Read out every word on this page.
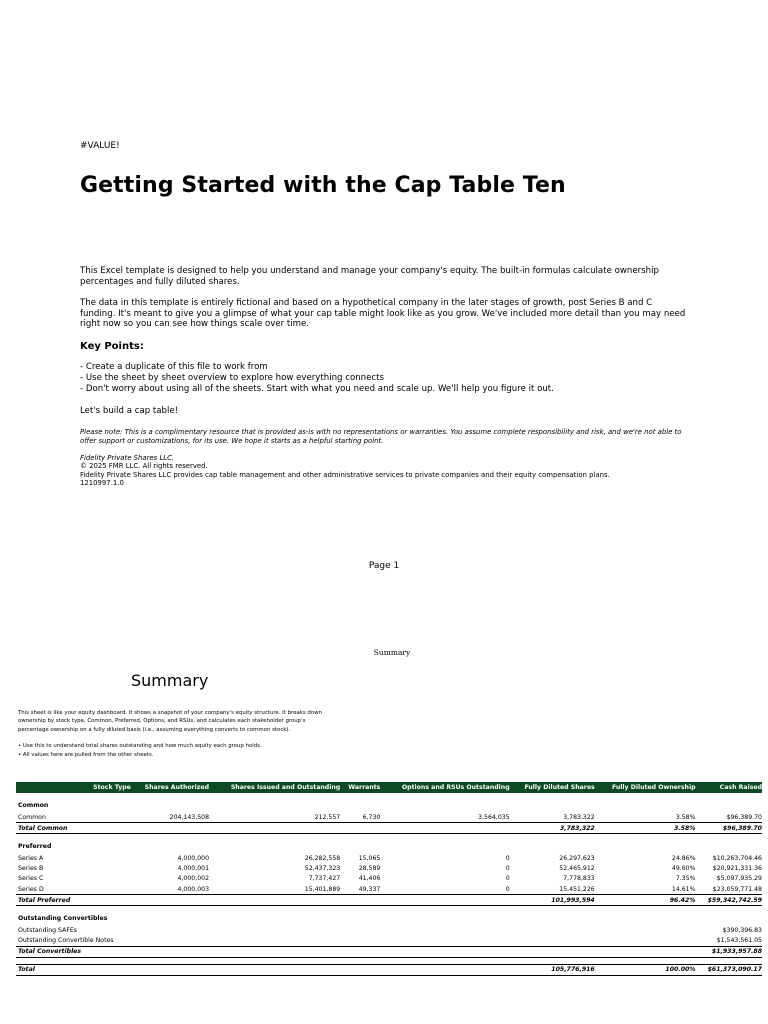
#VALUE!
Getting Started with the Cap Table Ten
This Excel template is designed to help you understand and manage your company's equity. The built-in formulas calculate ownership percentages and fully diluted shares.
The data in this template is entirely fictional and based on a hypothetical company in the later stages of growth, post Series B and C funding. It's meant to give you a glimpse of what your cap table might look like as you grow. We've included more detail than you may need right now so you can see how things scale over time.
Key Points:
- Create a duplicate of this file to work from
- Use the sheet by sheet overview to explore how everything connects
- Don't worry about using all of the sheets. Start with what you need and scale up. We'll help you figure it out.
Let's build a cap table!
Please note: This is a complimentary resource that is provided as-is with no representations or warranties. You assume complete responsibility and risk, and we're not able to offer support or customizations, for its use. We hope it starts as a helpful starting point.
Fidelity Private Shares LLC.
© 2025 FMR LLC. All rights reserved.
Fidelity Private Shares LLC provides cap table management and other administrative services to private companies and their equity compensation plans.
1210997.1.0
Page 1
Summary
Summary
This sheet is like your equity dashboard. It shows a snapshot of your company's equity structure. It breaks down ownership by stock type, Common, Preferred, Options, and RSUs, and calculates each stakeholder group's percentage ownership on a fully diluted basis (i.e., assuming everything converts to common stock).
• Use this to understand total shares outstanding and how much equity each group holds.
• All values here are pulled from the other sheets.
Stock Type	Shares Authorized	Shares Issued and Outstanding	Warrants	Options and RSUs Outstanding	Fully Diluted Shares	Fully Diluted Ownership	Cash Raised
Common							
Common	204,143,508	212,557	6,730	3,564,035	3,783,322	3.58%	$96,389.70
Total Common					3,783,322	3.58%	$96,389.70
Preferred							
Series A	4,000,000	26,282,558	15,065	0	26,297,623	24.86%	$10,263,704.46
Series B	4,000,001	52,437,323	28,589	0	52,465,912	49.60%	$20,921,331.36
Series C	4,000,002	7,737,427	41,406	0	7,778,833	7.35%	$5,097,935.29
Series D	4,000,003	15,401,889	49,337	0	15,451,226	14.61%	$23,059,771.48
Total Preferred					101,993,594	96.42%	$59,342,742.59
Outstanding Convertibles							
Outstanding SAFEs							$390,396.83
Outstanding Convertible Notes							$1,543,561.05
Total Convertibles							$1,933,957.88

Total					105,776,916	100.00%	$61,373,090.17
